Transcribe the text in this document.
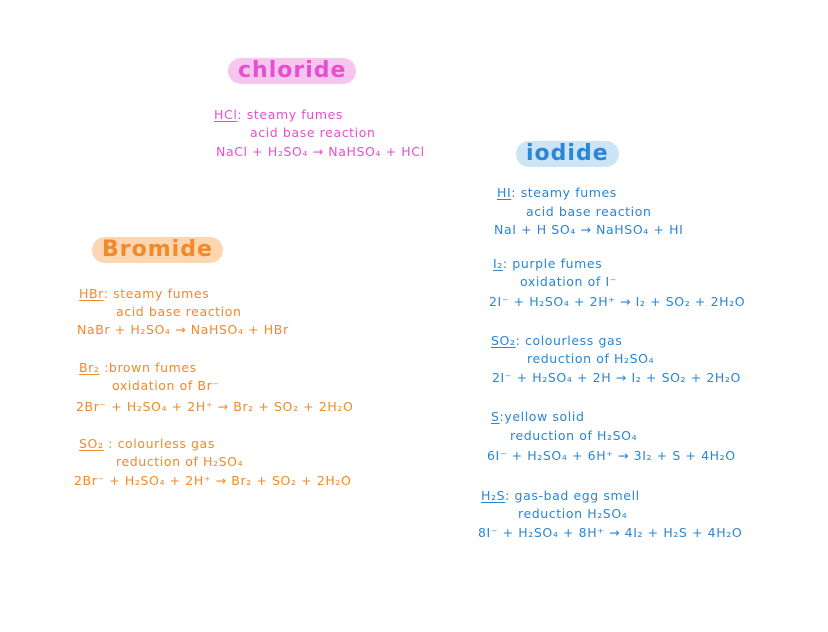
chloride
HCl: steamy fumes
acid base reaction
NaCl + H₂SO₄ → NaHSO₄ + HCl
Bromide
HBr: steamy fumes
acid base reaction
NaBr + H₂SO₄ → NaHSO₄ + HBr
Br₂ :brown fumes
oxidation of Br⁻
2Br⁻ + H₂SO₄ + 2H⁺ → Br₂ + SO₂ + 2H₂O
SO₂ : colourless gas
reduction of H₂SO₄
2Br⁻ + H₂SO₄ + 2H⁺ → Br₂ + SO₂ + 2H₂O
iodide
HI: steamy fumes
acid base reaction
NaI + H SO₄ → NaHSO₄ + HI
I₂: purple fumes
oxidation of I⁻
2I⁻ + H₂SO₄ + 2H⁺ → I₂ + SO₂ + 2H₂O
SO₂: colourless gas
reduction of H₂SO₄
2I⁻ + H₂SO₄ + 2H → I₂ + SO₂ + 2H₂O
S:yellow solid
reduction of H₂SO₄
6I⁻ + H₂SO₄ + 6H⁺ → 3I₂ + S + 4H₂O
H₂S: gas-bad egg smell
reduction H₂SO₄
8I⁻ + H₂SO₄ + 8H⁺ → 4I₂ + H₂S + 4H₂O
